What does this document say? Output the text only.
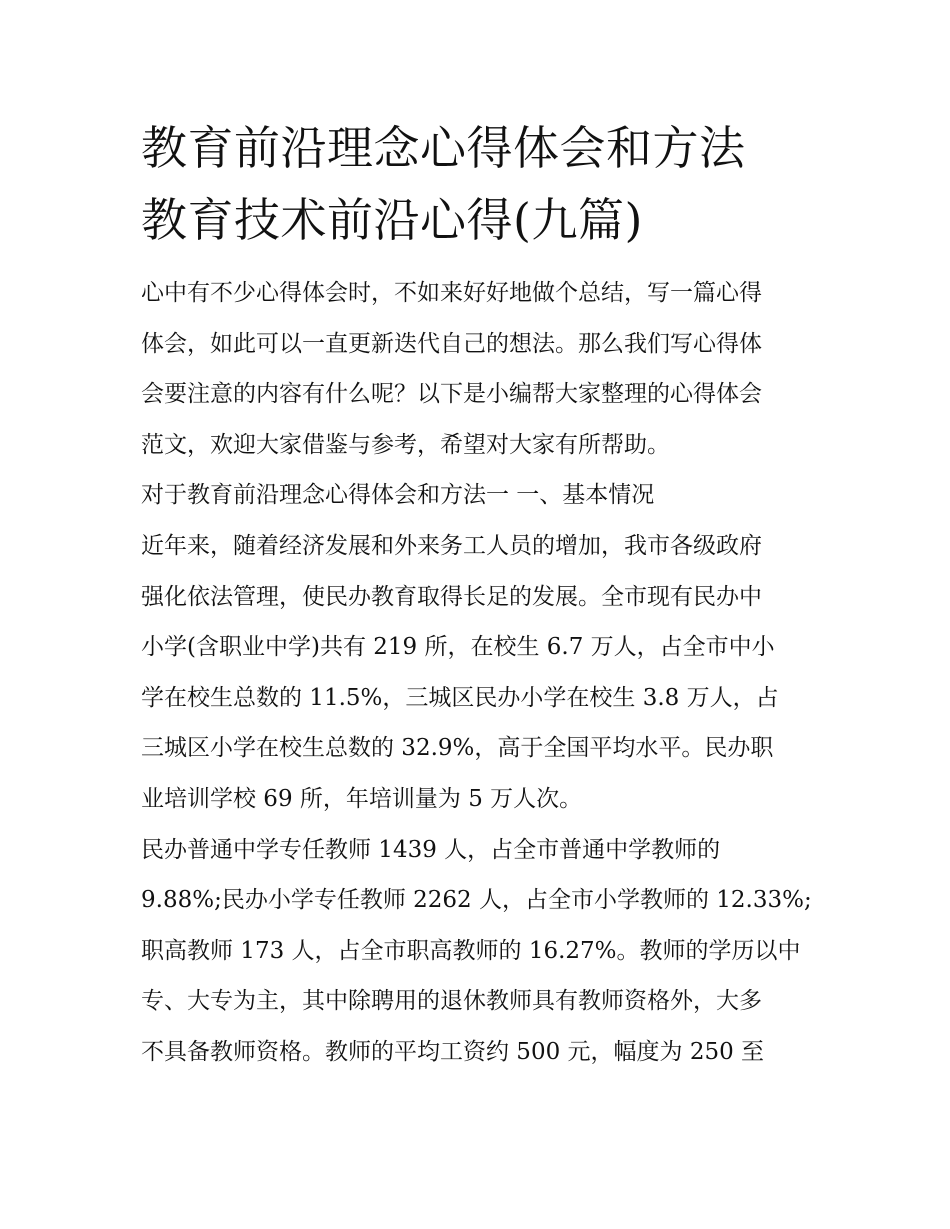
教育前沿理念心得体会和方法
教育技术前沿心得(九篇)

心中有不少心得体会时，不如来好好地做个总结，写一篇心得
体会，如此可以一直更新迭代自己的想法。那么我们写心得体
会要注意的内容有什么呢？以下是小编帮大家整理的心得体会
范文，欢迎大家借鉴与参考，希望对大家有所帮助。

对于教育前沿理念心得体会和方法一 一、基本情况

近年来，随着经济发展和外来务工人员的增加，我市各级政府
强化依法管理，使民办教育取得长足的发展。全市现有民办中
小学(含职业中学)共有 219 所，在校生 6.7 万人，占全市中小
学在校生总数的 11.5%，三城区民办小学在校生 3.8 万人，占
三城区小学在校生总数的 32.9%，高于全国平均水平。民办职
业培训学校 69 所，年培训量为 5 万人次。

民办普通中学专任教师 1439 人，占全市普通中学教师的
9.88%;民办小学专任教师 2262 人，占全市小学教师的 12.33%;
职高教师 173 人，占全市职高教师的 16.27%。教师的学历以中
专、大专为主，其中除聘用的退休教师具有教师资格外，大多
不具备教师资格。教师的平均工资约 500 元，幅度为 250 至
